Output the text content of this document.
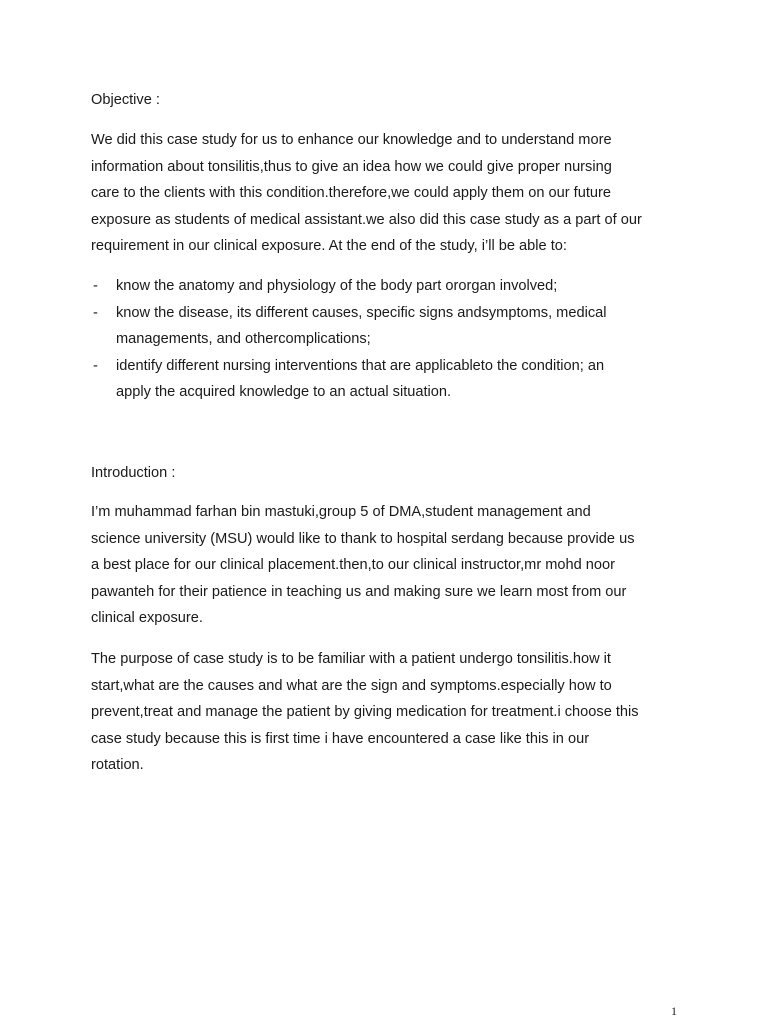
Objective :

We did this case study for us to enhance our knowledge and to understand more
information about tonsilitis,thus to give an idea how we could give proper nursing
care to the clients with this condition.therefore,we could apply them on our future
exposure as students of medical assistant.we also did this case study as a part of our
requirement in our clinical exposure. At the end of the study, i’ll be able to:

- know the anatomy and physiology of the body part ororgan involved;
- know the disease, its different causes, specific signs andsymptoms, medical
managements, and othercomplications;
- identify different nursing interventions that are applicableto the condition; an
apply the acquired knowledge to an actual situation.

Introduction :

I’m muhammad farhan bin mastuki,group 5 of DMA,student management and
science university (MSU) would like to thank to hospital serdang because provide us
a best place for our clinical placement.then,to our clinical instructor,mr mohd noor
pawanteh for their patience in teaching us and making sure we learn most from our
clinical exposure.

The purpose of case study is to be familiar with a patient undergo tonsilitis.how it
start,what are the causes and what are the sign and symptoms.especially how to
prevent,treat and manage the patient by giving medication for treatment.i choose this
case study because this is first time i have encountered a case like this in our
rotation.

1
